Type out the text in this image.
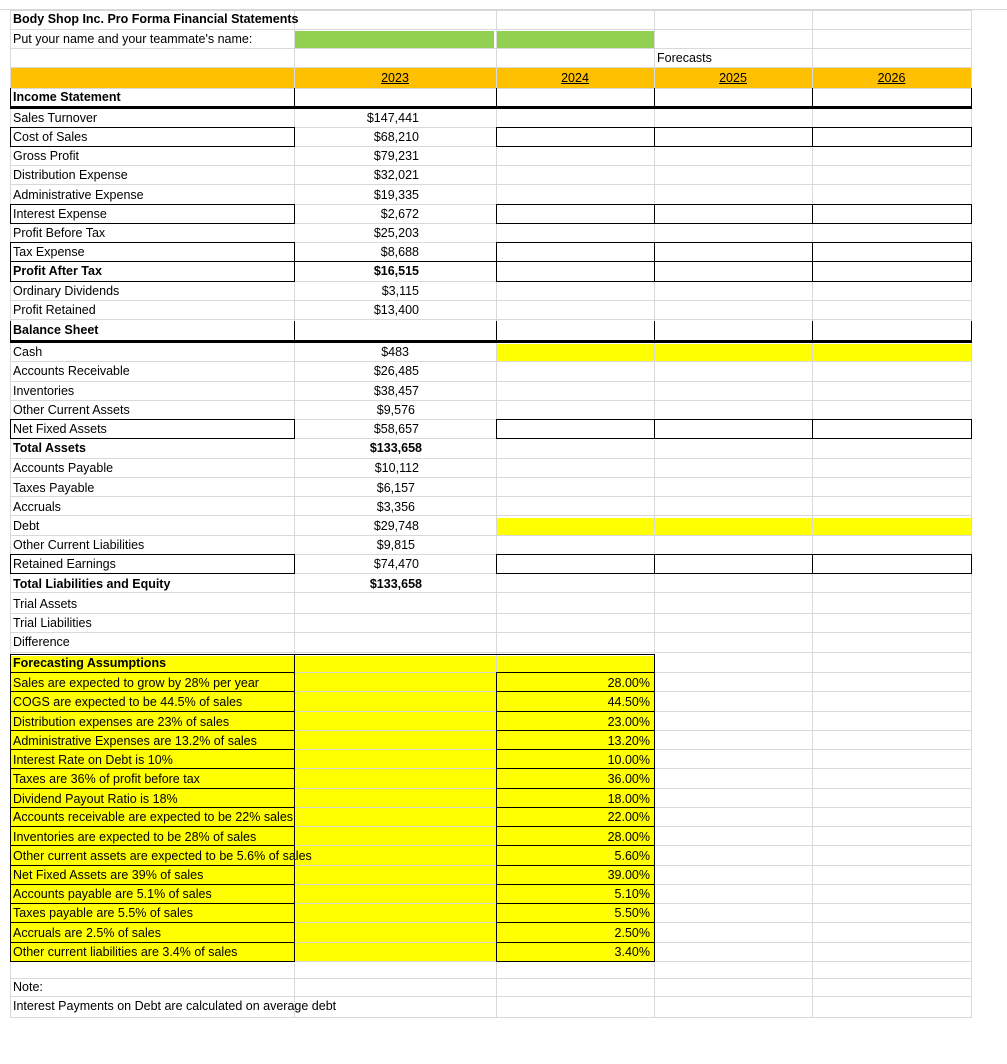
Body Shop Inc. Pro Forma Financial Statements
Put your name and your teammate's name:
Forecasts
2023	2024	2025	2026
Income Statement
Sales Turnover	$147,441
Cost of Sales	$68,210
Gross Profit	$79,231
Distribution Expense	$32,021
Administrative Expense	$19,335
Interest Expense	$2,672
Profit Before Tax	$25,203
Tax Expense	$8,688
Profit After Tax	$16,515
Ordinary Dividends	$3,115
Profit Retained	$13,400
Balance Sheet
Cash	$483
Accounts Receivable	$26,485
Inventories	$38,457
Other Current Assets	$9,576
Net Fixed Assets	$58,657
Total Assets	$133,658
Accounts Payable	$10,112
Taxes Payable	$6,157
Accruals	$3,356
Debt	$29,748
Other Current Liabilities	$9,815
Retained Earnings	$74,470
Total Liabilities and Equity	$133,658
Trial Assets
Trial Liabilities
Difference
Forecasting Assumptions
Sales are expected to grow by 28% per year	28.00%
COGS are expected to be 44.5% of sales	44.50%
Distribution expenses are 23% of sales	23.00%
Administrative Expenses are 13.2% of sales	13.20%
Interest Rate on Debt is 10%	10.00%
Taxes are 36% of profit before tax	36.00%
Dividend Payout Ratio is 18%	18.00%
Accounts receivable are expected to be 22% sales	22.00%
Inventories are expected to be 28% of sales	28.00%
Other current assets are expected to be 5.6% of sales	5.60%
Net Fixed Assets are 39% of sales	39.00%
Accounts payable are 5.1% of sales	5.10%
Taxes payable are 5.5% of sales	5.50%
Accruals are 2.5% of sales	2.50%
Other current liabilities are 3.4% of sales	3.40%
Note:
Interest Payments on Debt are calculated on average debt
